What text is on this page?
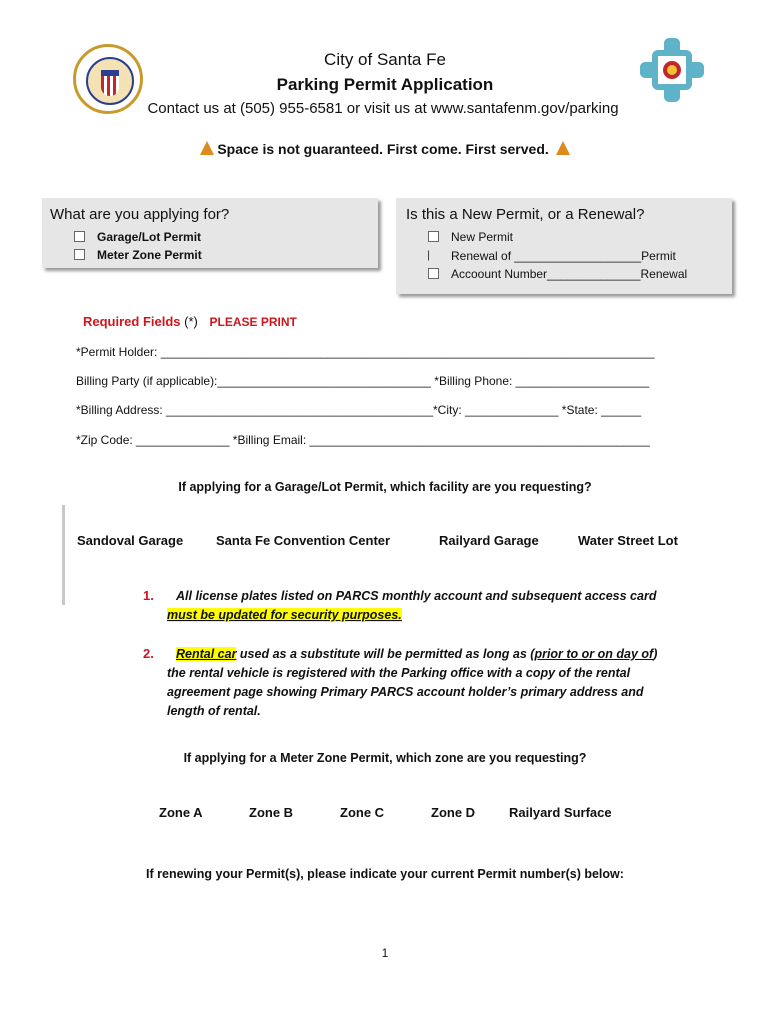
City of Santa Fe
Parking Permit Application
Contact us at (505) 955-6581 or visit us at www.santafenm.gov/parking
Space is not guaranteed. First come. First served.
What are you applying for?
Garage/Lot Permit
Meter Zone Permit
Is this a New Permit, or a Renewal?
New Permit
Renewal of ___________________Permit
Accoount Number______________Renewal
Required Fields (*) PLEASE PRINT
*Permit Holder: __________________________________________________________________________
Billing Party (if applicable):________________________________ *Billing Phone: ____________________
*Billing Address: ________________________________________*City: ______________ *State: ______
*Zip Code: ______________ *Billing Email: ___________________________________________________
If applying for a Garage/Lot Permit, which facility are you requesting?
Sandoval Garage	Santa Fe Convention Center	Railyard Garage	Water Street Lot
1.	All license plates listed on PARCS monthly account and subsequent access card
must be updated for security purposes.
2.	Rental car used as a substitute will be permitted as long as (prior to or on day of)
the rental vehicle is registered with the Parking office with a copy of the rental
agreement page showing Primary PARCS account holder’s primary address and
length of rental.
If applying for a Meter Zone Permit, which zone are you requesting?
Zone A	Zone B	Zone C	Zone D	Railyard Surface
If renewing your Permit(s), please indicate your current Permit number(s) below:
1
